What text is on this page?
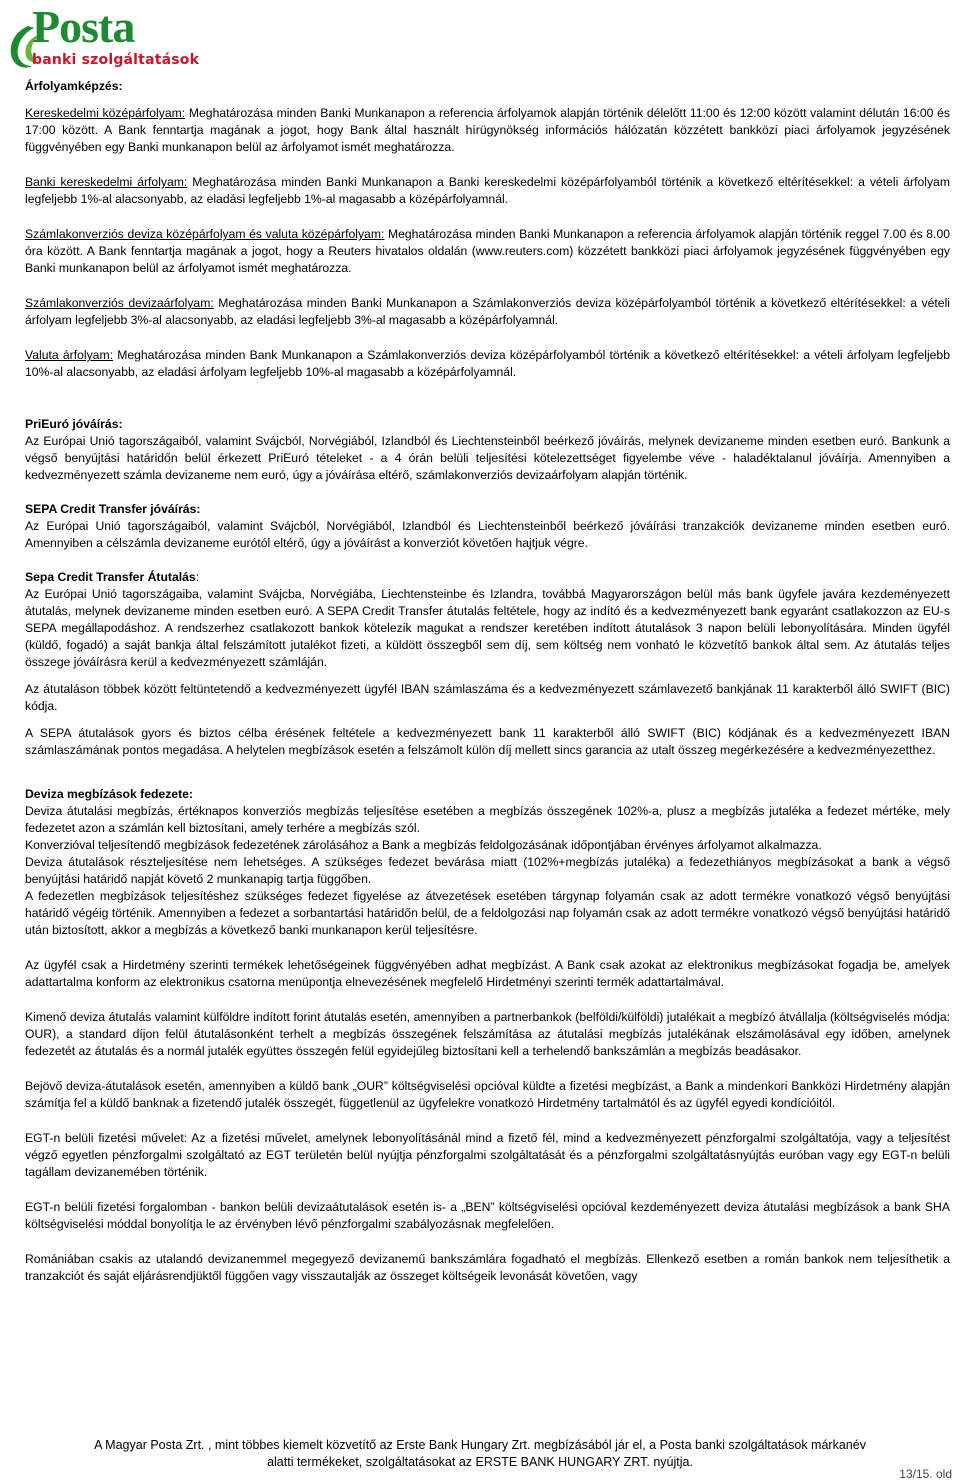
Posta
banki szolgáltatások

Árfolyamképzés:

Kereskedelmi középárfolyam: Meghatározása minden Banki Munkanapon a referencia árfolyamok alapján történik délelőtt 11:00 és 12:00 között valamint délután 16:00 és 17:00 között. A Bank fenntartja magának a jogot, hogy Bank által használt hírügynökség információs hálózatán közzétett bankközi piaci árfolyamok jegyzésének függvényében egy Banki munkanapon belül az árfolyamot ismét meghatározza.

Banki kereskedelmi árfolyam: Meghatározása minden Banki Munkanapon a Banki kereskedelmi középárfolyamból történik a következő eltérítésekkel: a vételi árfolyam legfeljebb 1%-al alacsonyabb, az eladási legfeljebb 1%-al magasabb a középárfolyamnál.

Számlakonverziós deviza középárfolyam és valuta középárfolyam: Meghatározása minden Banki Munkanapon a referencia árfolyamok alapján történik reggel 7.00 és 8.00 óra között. A Bank fenntartja magának a jogot, hogy a Reuters hivatalos oldalán (www.reuters.com) közzétett bankközi piaci árfolyamok jegyzésének függvényében egy Banki munkanapon belül az árfolyamot ismét meghatározza.

Számlakonverziós devizaárfolyam: Meghatározása minden Banki Munkanapon a Számlakonverziós deviza középárfolyamból történik a következő eltérítésekkel: a vételi árfolyam legfeljebb 3%-al alacsonyabb, az eladási legfeljebb 3%-al magasabb a középárfolyamnál.

Valuta árfolyam: Meghatározása minden Bank Munkanapon a Számlakonverziós deviza középárfolyamból történik a következő eltérítésekkel: a vételi árfolyam legfeljebb 10%-al alacsonyabb, az eladási árfolyam legfeljebb 10%-al magasabb a középárfolyamnál.

PriEuró jóváírás:

Az Európai Unió tagországaiból, valamint Svájcból, Norvégiából, Izlandból és Liechtensteinből beérkező jóváírás, melynek devizaneme minden esetben euró. Bankunk a végső benyújtási határidőn belül érkezett PriEuró tételeket - a 4 órán belüli teljesítési kötelezettséget figyelembe véve - haladéktalanul jóváírja. Amennyiben a kedvezményezett számla devizaneme nem euró, úgy a jóváírása eltérő, számlakonverziós devizaárfolyam alapján történik.

SEPA Credit Transfer jóváírás:

Az Európai Unió tagországaiból, valamint Svájcból, Norvégiából, Izlandból és Liechtensteinből beérkező jóváírási tranzakciók devizaneme minden esetben euró. Amennyiben a célszámla devizaneme eurótól eltérő, úgy a jóváírást a konverziót követően hajtjuk végre.

Sepa Credit Transfer Átutalás:

Az Európai Unió tagországaiba, valamint Svájcba, Norvégiába, Liechtensteinbe és Izlandra, továbbá Magyarországon belül más bank ügyfele javára kezdeményezett átutalás, melynek devizaneme minden esetben euró. A SEPA Credit Transfer átutalás feltétele, hogy az indító és a kedvezményezett bank egyaránt csatlakozzon az EU-s SEPA megállapodáshoz. A rendszerhez csatlakozott bankok kötelezik magukat a rendszer keretében indított átutalások 3 napon belüli lebonyolítására. Minden ügyfél (küldő, fogadó) a saját bankja által felszámított jutalékot fizeti, a küldött összegből sem díj, sem költség nem vonható le közvetítő bankok által sem. Az átutalás teljes összege jóváírásra kerül a kedvezményezett számláján.

Az átutaláson többek között feltüntetendő a kedvezményezett ügyfél IBAN számlaszáma és a kedvezményezett számlavezető bankjának 11 karakterből álló SWIFT (BIC) kódja.

A SEPA átutalások gyors és biztos célba érésének feltétele a kedvezményezett bank 11 karakterből álló SWIFT (BIC) kódjának és a kedvezményezett IBAN számlaszámának pontos megadása. A helytelen megbízások esetén a felszámolt külön díj mellett sincs garancia az utalt összeg megérkezésére a kedvezményezetthez.

Deviza megbízások fedezete:

Deviza átutalási megbízás, értéknapos konverziós megbízás teljesítése esetében a megbízás összegének 102%-a, plusz a megbízás jutaléka a fedezet mértéke, mely fedezetet azon a számlán kell biztosítani, amely terhére a megbízás szól.

Konverzióval teljesítendő megbízások fedezetének zárolásához a Bank a megbízás feldolgozásának időpontjában érvényes árfolyamot alkalmazza.

Deviza átutalások részteljesítése nem lehetséges. A szükséges fedezet bevárása miatt (102%+megbízás jutaléka) a fedezethiányos megbízásokat a bank a végső benyújtási határidő napját követő 2 munkanapig tartja függőben.

A fedezetlen megbízások teljesítéshez szükséges fedezet figyelése az átvezetések esetében tárgynap folyamán csak az adott termékre vonatkozó végső benyújtási határidő végéig történik. Amennyiben a fedezet a sorbantartási határidőn belül, de a feldolgozási nap folyamán csak az adott termékre vonatkozó végső benyújtási határidő után biztosított, akkor a megbízás a következő banki munkanapon kerül teljesítésre.

Az ügyfél csak a Hirdetmény szerinti termékek lehetőségeinek függvényében adhat megbízást. A Bank csak azokat az elektronikus megbízásokat fogadja be, amelyek adattartalma konform az elektronikus csatorna menüpontja elnevezésének megfelelő Hirdetményi szerinti termék adattartalmával.

Kimenő deviza átutalás valamint külföldre indított forint átutalás esetén, amennyiben a partnerbankok (belföldi/külföldi) jutalékait a megbízó átvállalja (költségviselés módja: OUR), a standard díjon felül átutalásonként terhelt a megbízás összegének felszámítása az átutalási megbízás jutalékának elszámolásával egy időben, amelynek fedezetét az átutalás és a normál jutalék együttes összegén felül egyidejűleg biztosítani kell a terhelendő bankszámlán a megbízás beadásakor.

Bejövő deviza-átutalások esetén, amennyiben a küldő bank „OUR” költségviselési opcióval küldte a fizetési megbízást, a Bank a mindenkori Bankközi Hirdetmény alapján számítja fel a küldő banknak a fizetendő jutalék összegét, függetlenül az ügyfelekre vonatkozó Hirdetmény tartalmától és az ügyfél egyedi kondícióitól.

EGT-n belüli fizetési művelet: Az a fizetési művelet, amelynek lebonyolításánál mind a fizető fél, mind a kedvezményezett pénzforgalmi szolgáltatója, vagy a teljesítést végző egyetlen pénzforgalmi szolgáltató az EGT területén belül nyújtja pénzforgalmi szolgáltatását és a pénzforgalmi szolgáltatásnyújtás euróban vagy egy EGT-n belüli tagállam devizanemében történik.

EGT-n belüli fizetési forgalomban - bankon belüli devizaátutalások esetén is- a „BEN” költségviselési opcióval kezdeményezett deviza átutalási megbízások a bank SHA költségviselési móddal bonyolítja le az érvényben lévő pénzforgalmi szabályozásnak megfelelően.

Romániában csakis az utalandó devizanemmel megegyező devizanemű bankszámlára fogadható el megbízás. Ellenkező esetben a román bankok nem teljesíthetik a tranzakciót és saját eljárásrendjüktől függően vagy visszautalják az összeget költségeik levonását követően, vagy

A Magyar Posta Zrt. , mint többes kiemelt közvetítő az Erste Bank Hungary Zrt. megbízásából jár el, a Posta banki szolgáltatások márkanév
alatti termékeket, szolgáltatásokat az ERSTE BANK HUNGARY ZRT. nyújtja.
13/15. old
